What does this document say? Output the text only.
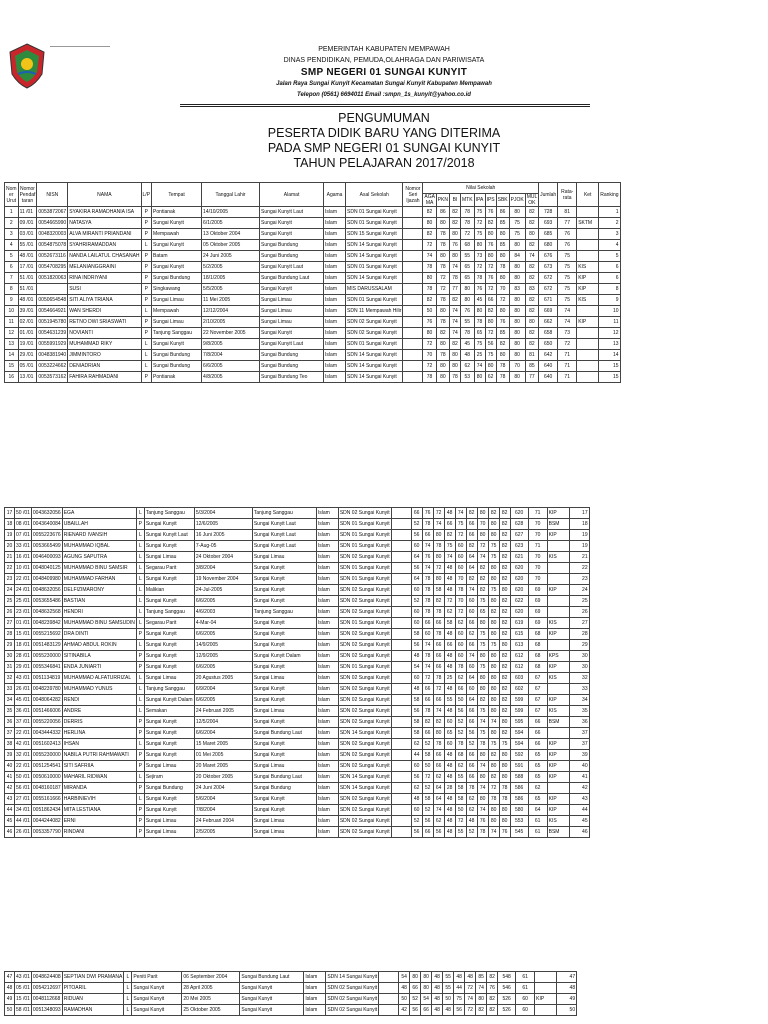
PEMERINTAH KABUPATEN MEMPAWAH
DINAS PENDIDIKAN, PEMUDA,OLAHRAGA DAN PARIWISATA
SMP NEGERI 01 SUNGAI KUNYIT
Jalan Raya Sungai Kunyit Kecamatan Sungai Kunyit Kabupaten Mempawah
Telepon (0561) 6694011 Email :smpn_1s_kunyit@yahoo.co.id
PENGUMUMAN
PESERTA DIDIK BARU YANG DITERIMA
PADA SMP NEGERI 01 SUNGAI KUNYIT
TAHUN PELAJARAN 2017/2018
Nom er Urut	Nomor Pendaf taran	NISN	NAMA	L/P	Tempat	Tanggal Lahir	Alamat	Agama	Asal Sekolah	Nomor Seri Ijazah	Nilai Sekolah									Jumlah	Rata-rata	Ket	Ranking
											AGA MA	PKN	BI	MTK	IPA	IPS	SBK	PJOK	MUL OK				
1	11 /01	0053872067	SYAKIRA RAMADHANIA ISA	P	Pontianak	14/10/2005	Sungai Kunyit Laut	Islam	SDN 01 Sungai Kunyit		82	86	82	78	75	76	86	80	82	728	81		1
2	09 /01	0054665990	NATASYA	P	Sungai Kunyit	6/1/2005	Sungai Kunyit	Islam	SDN 01 Sungai Kunyit		80	80	82	78	72	82	85	75	82	693	77	SKTM	2
3	03 /01	0048320003	ALVA MIRANTI PRIANDANI	P	Mempawah	13 Oktober 2004	Sungai Kunyit	Islam	SDN 15 Sungai Kunyit		82	78	80	72	75	80	80	75	80	685	76		3
4	55 /01	0054875078	SYAHRIRAMADDAN	L	Sungai Kunyit	05 Oktober 2005	Sungai Bundung	Islam	SDN 14 Sungai Kunyit		72	78	76	68	80	76	85	80	82	680	76		4
5	48 /01	0052673116	NANDA LAILATUL CHASANAH	P	Batam	24 Juni 2005	Sungai Bundung	Islam	SDN 14 Sungai Kunyit		74	80	80	55	73	80	80	84	74	676	75		5
6	17 /01	0054708295	MELANIANGGRAINI	P	Sungai Kunyit	5/2/2005	Sungai Kunyit Laut	Islam	SDN 01 Sungai Kunyit		78	78	74	65	72	72	78	80	82	673	75	KIS	6
7	51 /01	0051820063	RINA INDRIYANI	P	Sungai Bundung	18/1/2005	Sungai Bundung Laut	Islam	SDN 14 Sungai Kunyit		80	72	78	65	78	76	80	80	82	672	75	KIP	6
8	51 /01		SUSI	P	Singkawang	5/5/2005	Sungai Kunyit	Islam	MIS DARUSSALAM		78	72	77	80	76	72	70	83	83	672	75	KIP	8
9	48 /01	0050654548	SITI ALIYA TRIANA	P	Sungai Limau	11 Mei 2005	Sungai Limau	Islam	SDN 01 Sungai Kunyit		82	78	82	80	45	66	72	80	82	671	75	KIS	9
10	39 /01	0054664921	WAN SHERDI	L	Mempawah	12/12/2004	Sungai Limau	Islam	SDN 11 Mempawah Hilir		50	80	74	76	80	82	80	80	82	669	74		10
11	02 /01	0051945780	RETNO DWI SRIASWATI	P	Sungai Limau	2/10/2005	Sungai Limau	Islam	SDN 02 Sungai Kunyit		76	78	74	55	78	80	76	80	80	662	74	KIP	11
12	01 /01	0054631239	NOVIANTI	P	Tanjung Sanggau	22 November 2005	Sungai Kunyit	Islam	SDN 02 Sungai Kunyit		80	82	74	78	65	72	85	80	82	658	73		12
13	19 /01	0055991929	MUHAMMAD RIKY	L	Sungai Kunyit	9/8/2005	Sungai Kunyit Laut	Islam	SDN 01 Sungai Kunyit		72	80	82	45	75	56	82	80	82	650	72		13
14	29 /01	0048381940	JIMMINTORO	L	Sungai Bundung	7/8/2004	Sungai Bundung	Islam	SDN 14 Sungai Kunyit		70	78	80	48	25	75	80	80	81	642	71		14
15	05 /01	0053224662	DENIADRIAN	L	Sungai Bundung	6/6/2005	Sungai Bundung	Islam	SDN 14 Sungai Kunyit		72	80	80	62	74	80	78	70	85	640	71		15
16	13 /01	0053573162	FAHIRA RAHMADANI	P	Pontianak	4/8/2005	Sungai Bundung Teo	Islam	SDN 14 Sungai Kunyit		78	80	78	53	80	62	78	80	77	640	71		15
17	50 /01	0043632056	EGA	L	Tanjung Sanggau	5/3/2004	Tanjung Sanggau	Islam	SDN 02 Sungai Kunyit		66	76	72	48	74	82	80	82	82	620	71	KIP	17
18	08 /01	0043640084	UBAILLAH	P	Sungai Kunyit	12/6/2005	Sungai Kunyit Laut	Islam	SDN 01 Sungai Kunyit		52	78	74	66	75	66	70	80	82	628	70	BSM	18
19	07 /01	0055223676	RIENARD IVANSIH	L	Sungai Kunyit Laut	16 Juni 2005	Sungai Kunyit Laut	Islam	SDN 01 Sungai Kunyit		56	66	80	82	72	66	80	80	82	627	70	KIP	19
20	33 /01	0053665499	MUHAMMAD IQBAL	L	Sungai Kunyit	7-Aug-05	Sungai Kunyit Laut	Islam	SDN 01 Sungai Kunyit		60	74	78	75	60	82	72	75	82	623	71		19
21	16 /01	0046400093	AGUNG SAPUTRA	L	Sungai Limau	24 Oktober 2004	Sungai Limau	Islam	SDN 02 Sungai Kunyit		64	76	80	74	60	64	74	75	82	621	70	KIS	21
22	10 /01	0048040125	MUHAMMAD BINU SAMSIR	L	Segarau Parit	3/8/2004	Sungai Kunyit	Islam	SDN 01 Sungai Kunyit		56	74	72	48	60	64	82	80	82	620	70		22
23	22 /01	0048409980	MUHAMMAD FARHAN	L	Sungai Kunyit	19 November 2004	Sungai Kunyit	Islam	SDN 01 Sungai Kunyit		64	78	80	48	70	82	82	80	82	620	70		23
24	24 /01	0048632056	DELFIZIMARONY	L	Malikian	24-Jul-2005	Sungai Kunyit	Islam	SDN 02 Sungai Kunyit		60	78	58	48	78	74	82	75	80	620	69	KIP	24
25	25 /01	0053655486	BASTIAN	L	Sungai Kunyit	6/6/2005	Sungai Kunyit	Islam	SDN 02 Sungai Kunyit		52	78	82	72	70	60	75	80	82	622	69		25
26	23 /01	0048632568	HENDRI	L	Tanjung Sanggau	4/6/2003	Tanjung Sanggau	Islam	SDN 02 Sungai Kunyit		60	78	78	62	72	60	65	82	82	620	69		26
27	01 /01	0048239842	MUHAMMAD BINU SAMSUDIN	L	Segarau Parit	4-Mar-04	Sungai Kunyit	Islam	SDN 01 Sungai Kunyit		60	66	66	58	62	66	80	80	82	619	69	KIS	27
28	15 /01	0055215692	DRA DINTI	P	Sungai Kunyit	6/6/2005	Sungai Kunyit	Islam	SDN 02 Sungai Kunyit		58	60	78	48	60	62	75	80	82	615	68	KIP	28
29	18 /01	0051483129	AHMAD ABDUL ROKIN	L	Sungai Kunyit	14/9/2005	Sungai Kunyit	Islam	SDN 02 Sungai Kunyit		56	74	66	66	60	66	75	75	80	613	68		29
30	28 /01	0055230000	SITINABILA	P	Sungai Kunyit	12/9/2005	Sungai Kunyit Dalam	Islam	SDN 02 Sungai Kunyit		48	78	66	48	60	74	80	80	82	612	68	KPS	30
31	29 /01	0055346841	ENDA JUNIARTI	P	Sungai Kunyit	6/6/2005	Sungai Kunyit	Islam	SDN 01 Sungai Kunyit		54	74	66	48	78	60	75	80	82	612	68	KIP	30
32	43 /01	0051134819	MUHAMMAD ALFATURRIZAL	L	Sungai Limau	20 Agustus 2005	Sungai Limau	Islam	SDN 02 Sungai Kunyit		60	72	78	25	62	64	80	80	82	603	67	KIS	32
33	26 /01	0048239780	MUHAMMAD YUNUS	L	Tanjung Sanggau	6/9/2004	Sungai Kunyit	Islam	SDN 02 Sungai Kunyit		48	66	72	48	66	60	80	80	82	602	67		33
34	45 /01	0048064282	RENDI	L	Sungai Kunyit Dalam	6/6/2005	Sungai Kunyit	Islam	SDN 02 Sungai Kunyit		58	66	66	55	50	64	82	80	82	599	67	KIP	34
35	36 /01	0051466006	ANDRE	L	Semakan	24 Februari 2005	Sungai Limau	Islam	SDN 02 Sungai Kunyit		56	78	74	48	56	66	75	80	82	599	67	KIS	35
36	37 /01	0055220056	DERRIS	P	Sungai Kunyit	12/5/2004	Sungai Kunyit	Islam	SDN 02 Sungai Kunyit		58	82	82	60	52	66	74	74	80	595	66	BSM	36
37	22 /01	0043444332	HERLINA	P	Sungai Kunyit	6/6/2004	Sungai Bundung Laut	Islam	SDN 14 Sungai Kunyit		58	66	80	65	52	56	75	80	82	594	66		37
38	42 /01	0051602413	IHSAN	L	Sungai Kunyit	15 Maret 2005	Sungai Kunyit	Islam	SDN 02 Sungai Kunyit		62	52	78	60	78	52	78	75	75	594	66	KIP	37
39	32 /01	0055230000	NABILA PUTRI RAHMAWATI	P	Sungai Kunyit	01 Mei 2005	Sungai Kunyit	Islam	SDN 02 Sungai Kunyit		44	58	66	48	68	66	80	82	80	592	65	KIP	39
40	22 /01	0051254541	SITI SAFRIIA	P	Sungai Limau	20 Maret 2005	Sungai Limau	Islam	SDN 02 Sungai Kunyit		60	50	66	48	62	66	74	80	80	591	65	KIP	40
41	50 /01	0050610000	MAHARIL RIDWAN	L	Sejiram	20 Oktober 2005	Sungai Bundung Laut	Islam	SDN 14 Sungai Kunyit		56	72	62	48	55	66	80	82	80	588	65	KIP	41
42	56 /01	0048160187	MIRANDA	P	Sungai Bundung	24 Juni 2004	Sungai Bundung	Islam	SDN 14 Sungai Kunyit		62	52	64	28	58	78	74	72	78	586	62		42
43	27 /01	0055161666	HARBINIEVIH	L	Sungai Kunyit	5/6/2004	Sungai Kunyit	Islam	SDN 02 Sungai Kunyit		48	58	64	48	58	62	80	78	78	586	65	KIP	43
44	34 /01	0051862434	MITA LESTIANA	P	Sungai Kunyit	7/8/2004	Sungai Kunyit	Islam	SDN 02 Sungai Kunyit		60	52	74	48	50	62	74	80	80	580	64	KIP	44
45	44 /01	0044244082	ERNI	P	Sungai Limau	24 Februari 2004	Sungai Limau	Islam	SDN 02 Sungai Kunyit		52	56	62	48	72	48	76	80	80	553	61	KIS	45
46	26 /01	0053357790	RINDANI	P	Sungai Limau	2/5/2005	Sungai Limau	Islam	SDN 02 Sungai Kunyit		56	66	56	48	55	52	78	74	76	545	61	BSM	46
47	43 /01	0048624408	SEPTIAN DWI PRAMANA	L	Peniti Parit	06 September 2004	Sungai Bundung Laut	Islam	SDN 14 Sungai Kunyit		54	80	80	48	55	48	48	85	82	548	61		47
48	05 /01	0054212697	PITOARIL	L	Sungai Kunyit	28 April 2005	Sungai Kunyit	Islam	SDN 02 Sungai Kunyit		48	66	80	48	55	44	72	74	76	546	61		48
49	15 /01	0048112668	RIDUAN	L	Sungai Kunyit	20 Mei 2005	Sungai Kunyit	Islam	SDN 02 Sungai Kunyit		50	52	54	48	50	75	74	80	82	526	60	KIP	49
50	58 /01	0051348093	RAMADHAN	L	Sungai Kunyit	25 Oktober 2005	Sungai Kunyit	Islam	SDN 02 Sungai Kunyit		42	56	66	48	48	56	72	82	82	526	60		50
